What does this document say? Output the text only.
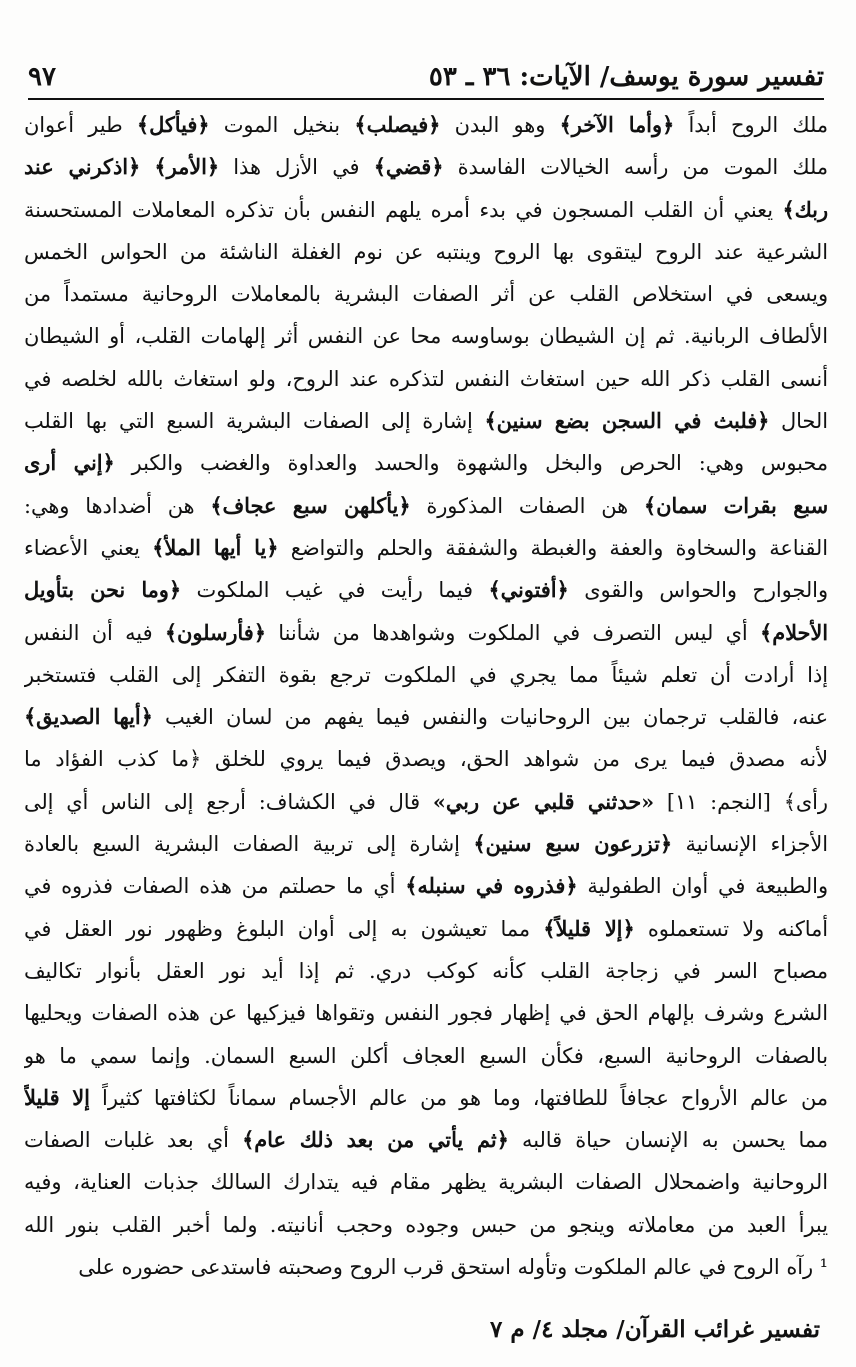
تفسير سورة يوسف/ الآيات: ٣٦ ـ ٥٣
٩٧
ملك الروح أبداً ﴿وأما الآخر﴾ وهو البدن ﴿فيصلب﴾ بنخيل الموت ﴿فيأكل﴾ طير أعوان
ملك الموت من رأسه الخيالات الفاسدة ﴿قضي﴾ في الأزل هذا ﴿الأمر﴾ ﴿اذكرني عند
ربك﴾ يعني أن القلب المسجون في بدء أمره يلهم النفس بأن تذكره المعاملات المستحسنة
الشرعية عند الروح ليتقوى بها الروح وينتبه عن نوم الغفلة الناشئة من الحواس الخمس
ويسعى في استخلاص القلب عن أثر الصفات البشرية بالمعاملات الروحانية مستمداً من
الألطاف الربانية. ثم إن الشيطان بوساوسه محا عن النفس أثر إلهامات القلب، أو الشيطان
أنسى القلب ذكر الله حين استغاث النفس لتذكره عند الروح، ولو استغاث بالله لخلصه في
الحال ﴿فلبث في السجن بضع سنين﴾ إشارة إلى الصفات البشرية السبع التي بها القلب
محبوس وهي: الحرص والبخل والشهوة والحسد والعداوة والغضب والكبر ﴿إني أرى
سبع بقرات سمان﴾ هن الصفات المذكورة ﴿يأكلهن سبع عجاف﴾ هن أضدادها وهي:
القناعة والسخاوة والعفة والغبطة والشفقة والحلم والتواضع ﴿يا أيها الملأ﴾ يعني الأعضاء
والجوارح والحواس والقوى ﴿أفتوني﴾ فيما رأيت في غيب الملكوت ﴿وما نحن بتأويل
الأحلام﴾ أي ليس التصرف في الملكوت وشواهدها من شأننا ﴿فأرسلون﴾ فيه أن النفس
إذا أرادت أن تعلم شيئاً مما يجري في الملكوت ترجع بقوة التفكر إلى القلب فتستخبر
عنه، فالقلب ترجمان بين الروحانيات والنفس فيما يفهم من لسان الغيب ﴿أيها الصديق﴾
لأنه مصدق فيما يرى من شواهد الحق، ويصدق فيما يروي للخلق ﴿ما كذب الفؤاد ما
رأى﴾ [النجم: ١١] «حدثني قلبي عن ربي» قال في الكشاف: أرجع إلى الناس أي إلى
الأجزاء الإنسانية ﴿تزرعون سبع سنين﴾ إشارة إلى تربية الصفات البشرية السبع بالعادة
والطبيعة في أوان الطفولية ﴿فذروه في سنبله﴾ أي ما حصلتم من هذه الصفات فذروه في
أماكنه ولا تستعملوه ﴿إلا قليلاً﴾ مما تعيشون به إلى أوان البلوغ وظهور نور العقل في
مصباح السر في زجاجة القلب كأنه كوكب دري. ثم إذا أيد نور العقل بأنوار تكاليف
الشرع وشرف بإلهام الحق في إظهار فجور النفس وتقواها فيزكيها عن هذه الصفات ويحليها
بالصفات الروحانية السبع، فكأن السبع العجاف أكلن السبع السمان. وإنما سمي ما هو
من عالم الأرواح عجافاً للطافتها، وما هو من عالم الأجسام سماناً لكثافتها كثيراً إلا قليلاً
مما يحسن به الإنسان حياة قالبه ﴿ثم يأتي من بعد ذلك عام﴾ أي بعد غلبات الصفات
الروحانية واضمحلال الصفات البشرية يظهر مقام فيه يتدارك السالك جذبات العناية، وفيه
يبرأ العبد من معاملاته وينجو من حبس وجوده وحجب أنانيته. ولما أخبر القلب بنور الله
¹ رآه الروح في عالم الملكوت وتأوله استحق قرب الروح وصحبته فاستدعى حضوره على
تفسير غرائب القرآن/ مجلد ٤/ م ٧
